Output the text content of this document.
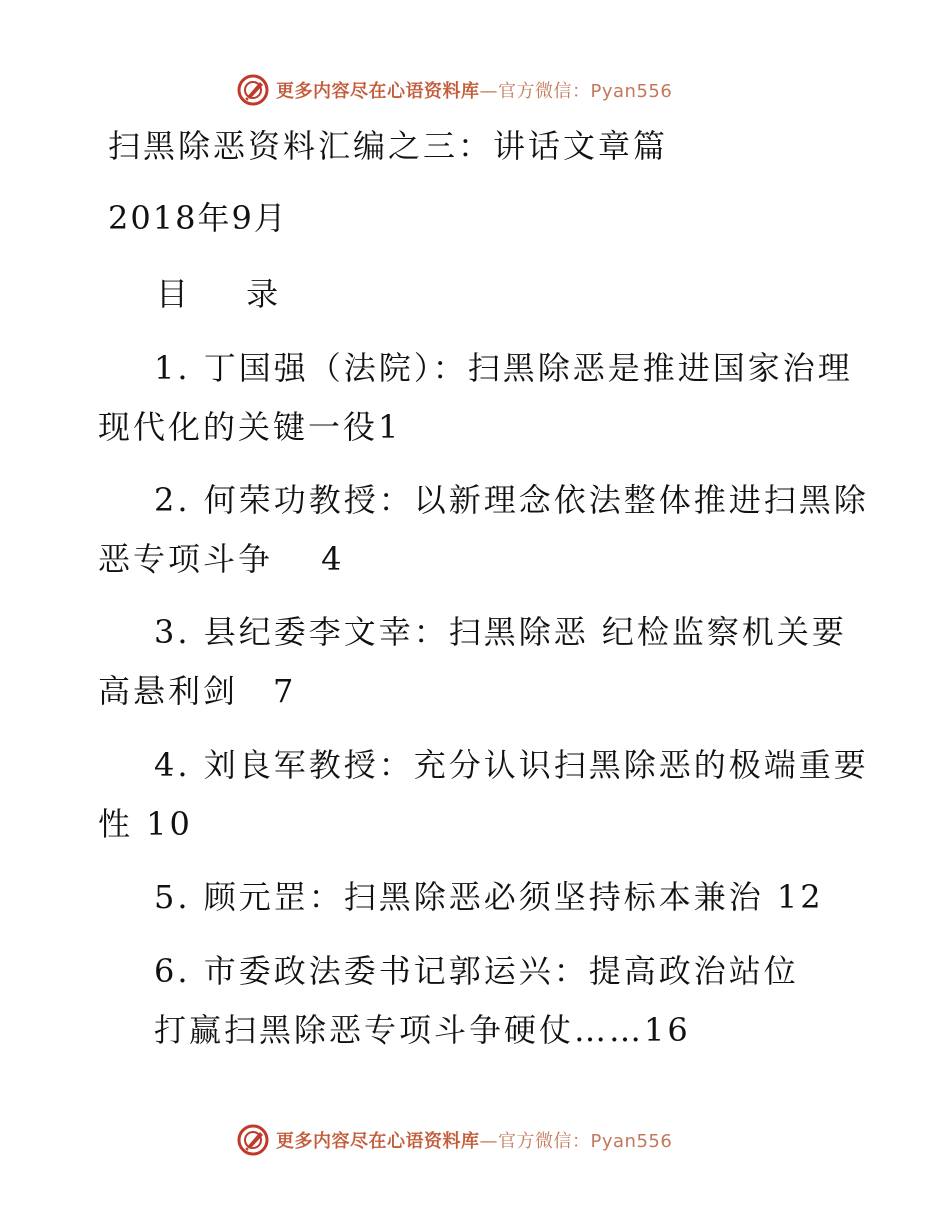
更多内容尽在心语资料库—官方微信：Pyan556
扫黑除恶资料汇编之三：讲话文章篇
2018年9月
目 录
1. 丁国强（法院）：扫黑除恶是推进国家治理
现代化的关键一役1
2. 何荣功教授：以新理念依法整体推进扫黑除
恶专项斗争　 4
3. 县纪委李文幸：扫黑除恶 纪检监察机关要
高悬利剑　7
4. 刘良军教授：充分认识扫黑除恶的极端重要
性 10
5. 顾元罡：扫黑除恶必须坚持标本兼治 12
6. 市委政法委书记郭运兴：提高政治站位
打赢扫黑除恶专项斗争硬仗……16
更多内容尽在心语资料库—官方微信：Pyan556
